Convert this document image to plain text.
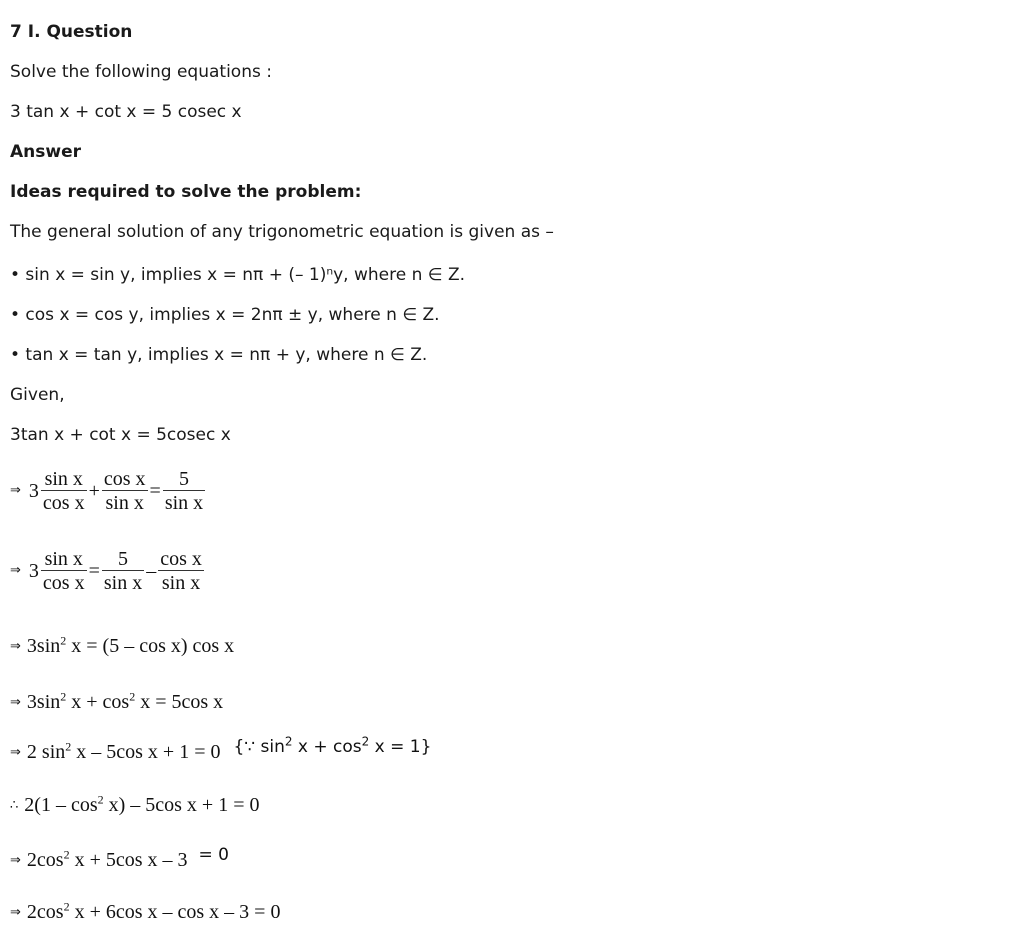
7 I. Question
Solve the following equations :
3 tan x + cot x = 5 cosec x
Answer
Ideas required to solve the problem:
The general solution of any trigonometric equation is given as –
• sin x = sin y, implies x = nπ + (– 1)ⁿy, where n ∈ Z.
• cos x = cos y, implies x = 2nπ ± y, where n ∈ Z.
• tan x = tan y, implies x = nπ + y, where n ∈ Z.
Given,
3tan x + cot x = 5cosec x
⇒ $3 \frac{\text{sin x}}{\text{cos x}} + \frac{\text{cos x}}{\text{sin x}} = \frac{5}{\text{sin x}}$
⇒ $3 \frac{\text{sin x}}{\text{cos x}} = \frac{5}{\text{sin x}} - \frac{\text{cos x}}{\text{sin x}}$
⇒ $3\sin^2$ x = (5 – cos x) cos x
⇒ $3\sin^2$ $x + \cos^2 x = 5\cos$ x
⇒ 2 $\sin^2 x - 5\cos$ x + 1 = 0 $^{\{\because sin^2 x + cos^2 x = 1\}}$
∴ $2(1 - \cos^2 x) - 5\cos$ x + 1 = 0
⇒ $2\cos^2$ x + 5cos x – 3 $^{= 0}$
⇒ $2\cos^2$ x + 6cos x – cos x – 3 = 0
